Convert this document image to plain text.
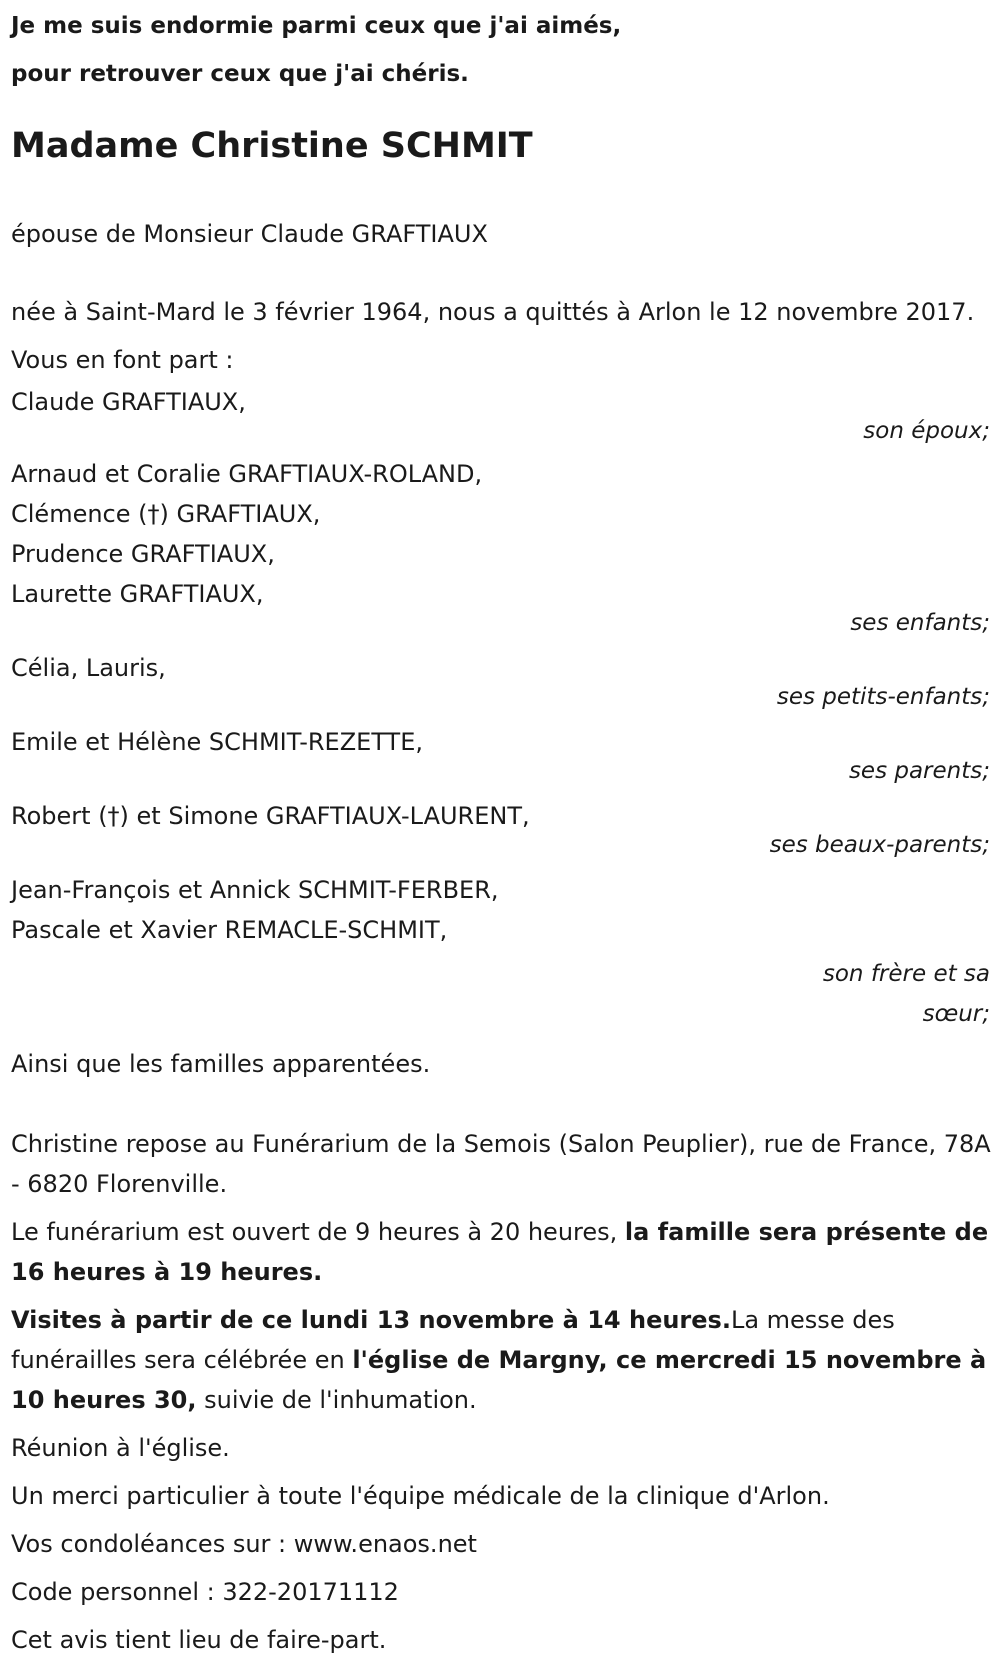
Je me suis endormie parmi ceux que j'ai aimés,

pour retrouver ceux que j'ai chéris.

Madame Christine SCHMIT

épouse de Monsieur Claude GRAFTIAUX

née à Saint-Mard le 3 février 1964, nous a quittés à Arlon le 12 novembre 2017.

Vous en font part :

Claude GRAFTIAUX,
son époux;
Arnaud et Coralie GRAFTIAUX-ROLAND,
Clémence (†) GRAFTIAUX,
Prudence GRAFTIAUX,
Laurette GRAFTIAUX,
ses enfants;
Célia, Lauris,
ses petits-enfants;
Emile et Hélène SCHMIT-REZETTE,
ses parents;
Robert (†) et Simone GRAFTIAUX-LAURENT,
ses beaux-parents;
Jean-François et Annick SCHMIT-FERBER,
Pascale et Xavier REMACLE-SCHMIT,
son frère et sa sœur;

Ainsi que les familles apparentées.

Christine repose au Funérarium de la Semois (Salon Peuplier), rue de France, 78A - 6820 Florenville.

Le funérarium est ouvert de 9 heures à 20 heures, la famille sera présente de 16 heures à 19 heures.

Visites à partir de ce lundi 13 novembre à 14 heures.La messe des funérailles sera célébrée en l'église de Margny, ce mercredi 15 novembre à 10 heures 30, suivie de l'inhumation.

Réunion à l'église.

Un merci particulier à toute l'équipe médicale de la clinique d'Arlon.

Vos condoléances sur : www.enaos.net

Code personnel : 322-20171112

Cet avis tient lieu de faire-part.
